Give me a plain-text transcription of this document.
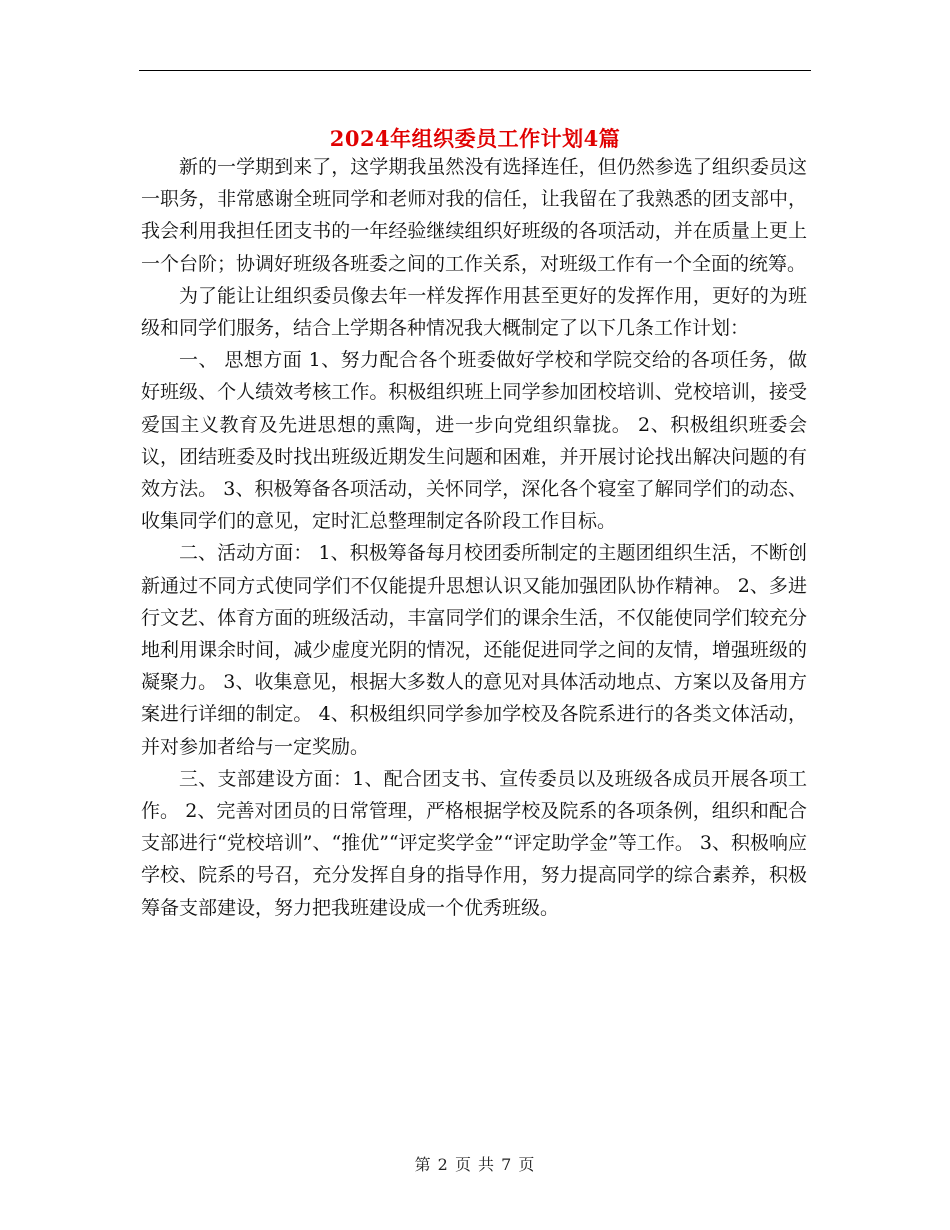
2024年组织委员工作计划4篇

新的一学期到来了，这学期我虽然没有选择连任，但仍然参选了组织委员这一职务，非常感谢全班同学和老师对我的信任，让我留在了我熟悉的团支部中，我会利用我担任团支书的一年经验继续组织好班级的各项活动，并在质量上更上一个台阶；协调好班级各班委之间的工作关系，对班级工作有一个全面的统筹。

为了能让让组织委员像去年一样发挥作用甚至更好的发挥作用，更好的为班级和同学们服务，结合上学期各种情况我大概制定了以下几条工作计划：

一、 思想方面 1、努力配合各个班委做好学校和学院交给的各项任务，做好班级、个人绩效考核工作。积极组织班上同学参加团校培训、党校培训，接受爱国主义教育及先进思想的熏陶，进一步向党组织靠拢。 2、积极组织班委会议，团结班委及时找出班级近期发生问题和困难，并开展讨论找出解决问题的有效方法。 3、积极筹备各项活动，关怀同学，深化各个寝室了解同学们的动态、收集同学们的意见，定时汇总整理制定各阶段工作目标。

二、活动方面： 1、积极筹备每月校团委所制定的主题团组织生活，不断创新通过不同方式使同学们不仅能提升思想认识又能加强团队协作精神。 2、多进行文艺、体育方面的班级活动，丰富同学们的课余生活，不仅能使同学们较充分地利用课余时间，减少虚度光阴的情况，还能促进同学之间的友情，增强班级的凝聚力。 3、收集意见，根据大多数人的意见对具体活动地点、方案以及备用方案进行详细的制定。 4、积极组织同学参加学校及各院系进行的各类文体活动，并对参加者给与一定奖励。

三、支部建设方面：1、配合团支书、宣传委员以及班级各成员开展各项工作。 2、完善对团员的日常管理，严格根据学校及院系的各项条例，组织和配合支部进行“党校培训”、“推优”“评定奖学金”“评定助学金”等工作。 3、积极响应学校、院系的号召，充分发挥自身的指导作用，努力提高同学的综合素养，积极筹备支部建设，努力把我班建设成一个优秀班级。

第 2 页 共 7 页
